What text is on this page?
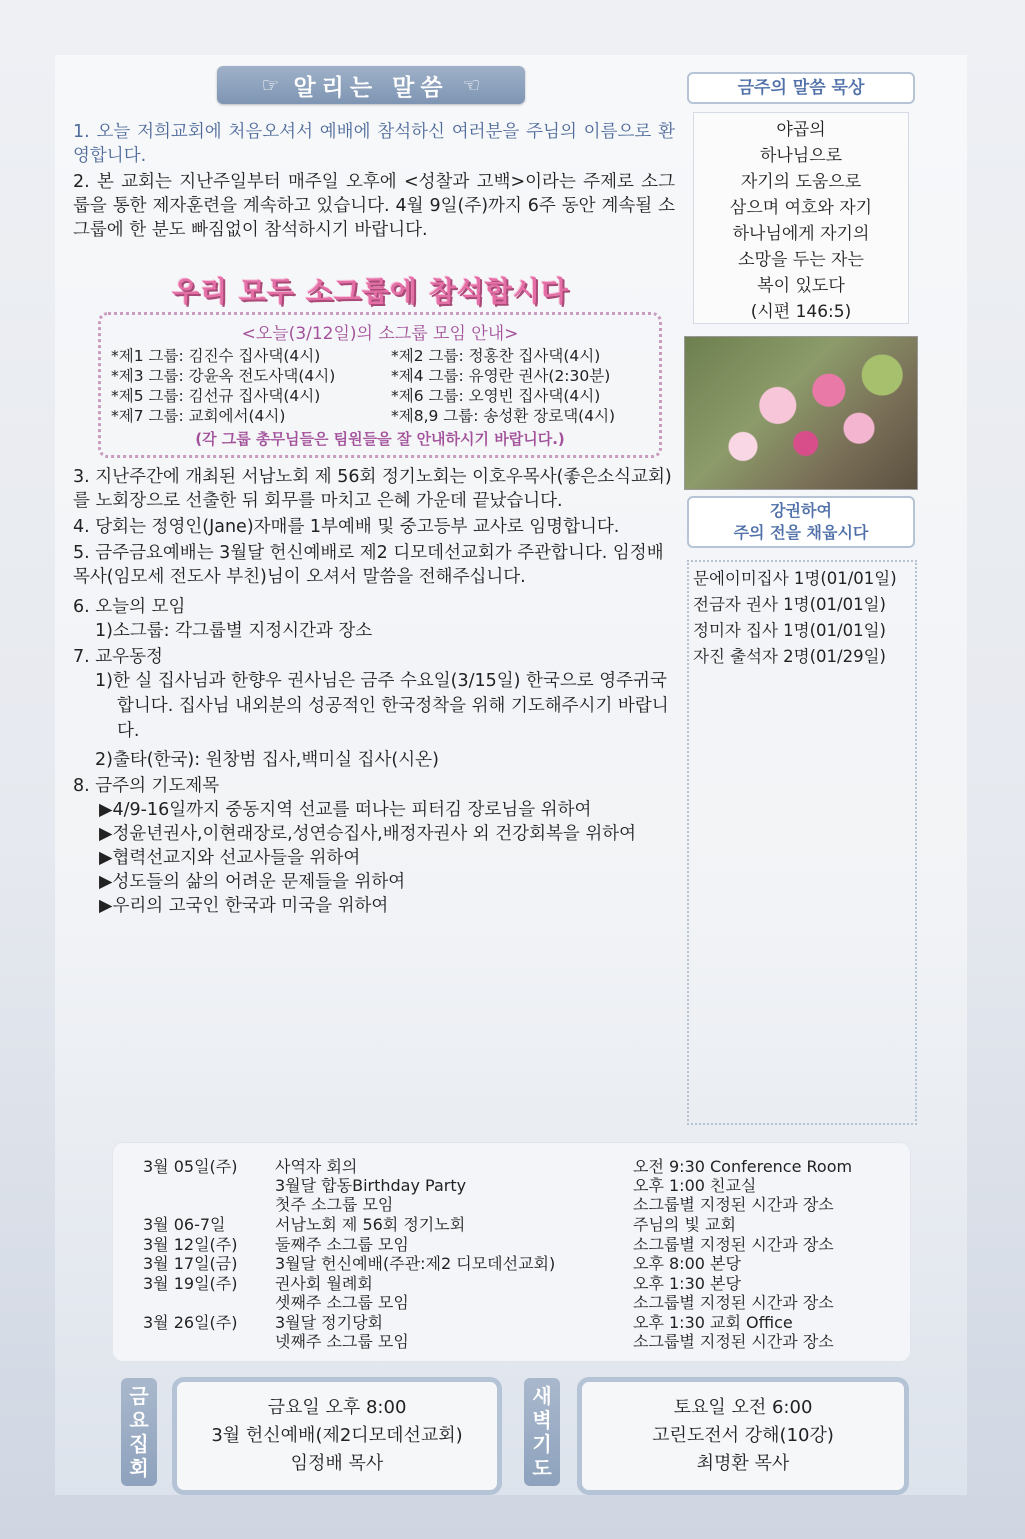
☞ 알리는 말씀 ☜

1. 오늘 저희교회에 처음오셔서 예배에 참석하신 여러분을 주님의 이름으로 환영합니다.

2. 본 교회는 지난주일부터 매주일 오후에 <성찰과 고백>이라는 주제로 소그룹을 통한 제자훈련을 계속하고 있습니다. 4월 9일(주)까지 6주 동안 계속될 소그룹에 한 분도 빠짐없이 참석하시기 바랍니다.

우리 모두 소그룹에 참석합시다
<오늘(3/12일)의 소그룹 모임 안내>
*제1 그룹: 김진수 집사댁(4시)	*제2 그룹: 정홍찬 집사댁(4시)
*제3 그룹: 강윤옥 전도사댁(4시)	*제4 그룹: 유영란 권사(2:30분)
*제5 그룹: 김선규 집사댁(4시)	*제6 그룹: 오영빈 집사댁(4시)
*제7 그룹: 교회에서(4시)	*제8,9 그룹: 송성환 장로댁(4시)
(각 그룹 총무님들은 팀원들을 잘 안내하시기 바랍니다.)

3. 지난주간에 개최된 서남노회 제 56회 정기노회는 이호우목사(좋은소식교회)를 노회장으로 선출한 뒤 회무를 마치고 은혜 가운데 끝났습니다.

4. 당회는 정영인(Jane)자매를 1부예배 및 중고등부 교사로 임명합니다.

5. 금주금요예배는 3월달 헌신예배로 제2 디모데선교회가 주관합니다. 임정배 목사(임모세 전도사 부친)님이 오셔서 말씀을 전해주십니다.

6. 오늘의 모임

1)소그룹: 각그룹별 지정시간과 장소

7. 교우동정

1)한 실 집사님과 한향우 권사님은 금주 수요일(3/15일) 한국으로 영주귀국합니다. 집사님 내외분의 성공적인 한국정착을 위해 기도해주시기 바랍니다.

2)출타(한국): 원창범 집사,백미실 집사(시온)

8. 금주의 기도제목

▶4/9-16일까지 중동지역 선교를 떠나는 피터김 장로님을 위하여

▶정윤년권사,이현래장로,성연승집사,배정자권사 외 건강회복을 위하여

▶협력선교지와 선교사들을 위하여

▶성도들의 삶의 어려운 문제들을 위하여

▶우리의 고국인 한국과 미국을 위하여

금주의 말씀 묵상
야곱의
하나님으로
자기의 도움으로
삼으며 여호와 자기
하나님에게 자기의
소망을 두는 자는
복이 있도다
(시편 146:5)
강권하여
주의 전을 채웁시다
문에이미집사 1명(01/01일)
전금자 권사 1명(01/01일)
정미자 집사 1명(01/01일)
자진 출석자 2명(01/29일)
3월 05일(주) 사역자 회의	오전 9:30 Conference Room
3월달 합동Birthday Party	오후 1:00 친교실
첫주 소그룹 모임	소그룹별 지정된 시간과 장소
3월 06-7일	서남노회 제 56회 정기노회	주님의 빛 교회
3월 12일(주) 둘째주 소그룹 모임	소그룹별 지정된 시간과 장소
3월 17일(금) 3월달 헌신예배(주관:제2 디모데선교회)	오후 8:00 본당
3월 19일(주) 권사회 월례회	오후 1:30 본당
셋째주 소그룹 모임	소그룹별 지정된 시간과 장소
3월 26일(주) 3월달 정기당회	오후 1:30 교회 Office
넷째주 소그룹 모임	소그룹별 지정된 시간과 장소
금
요
집
회
금요일 오후 8:00
3월 헌신예배(제2디모데선교회)
임정배 목사
새
벽
기
도
토요일 오전 6:00
고린도전서 강해(10강)
최명환 목사
